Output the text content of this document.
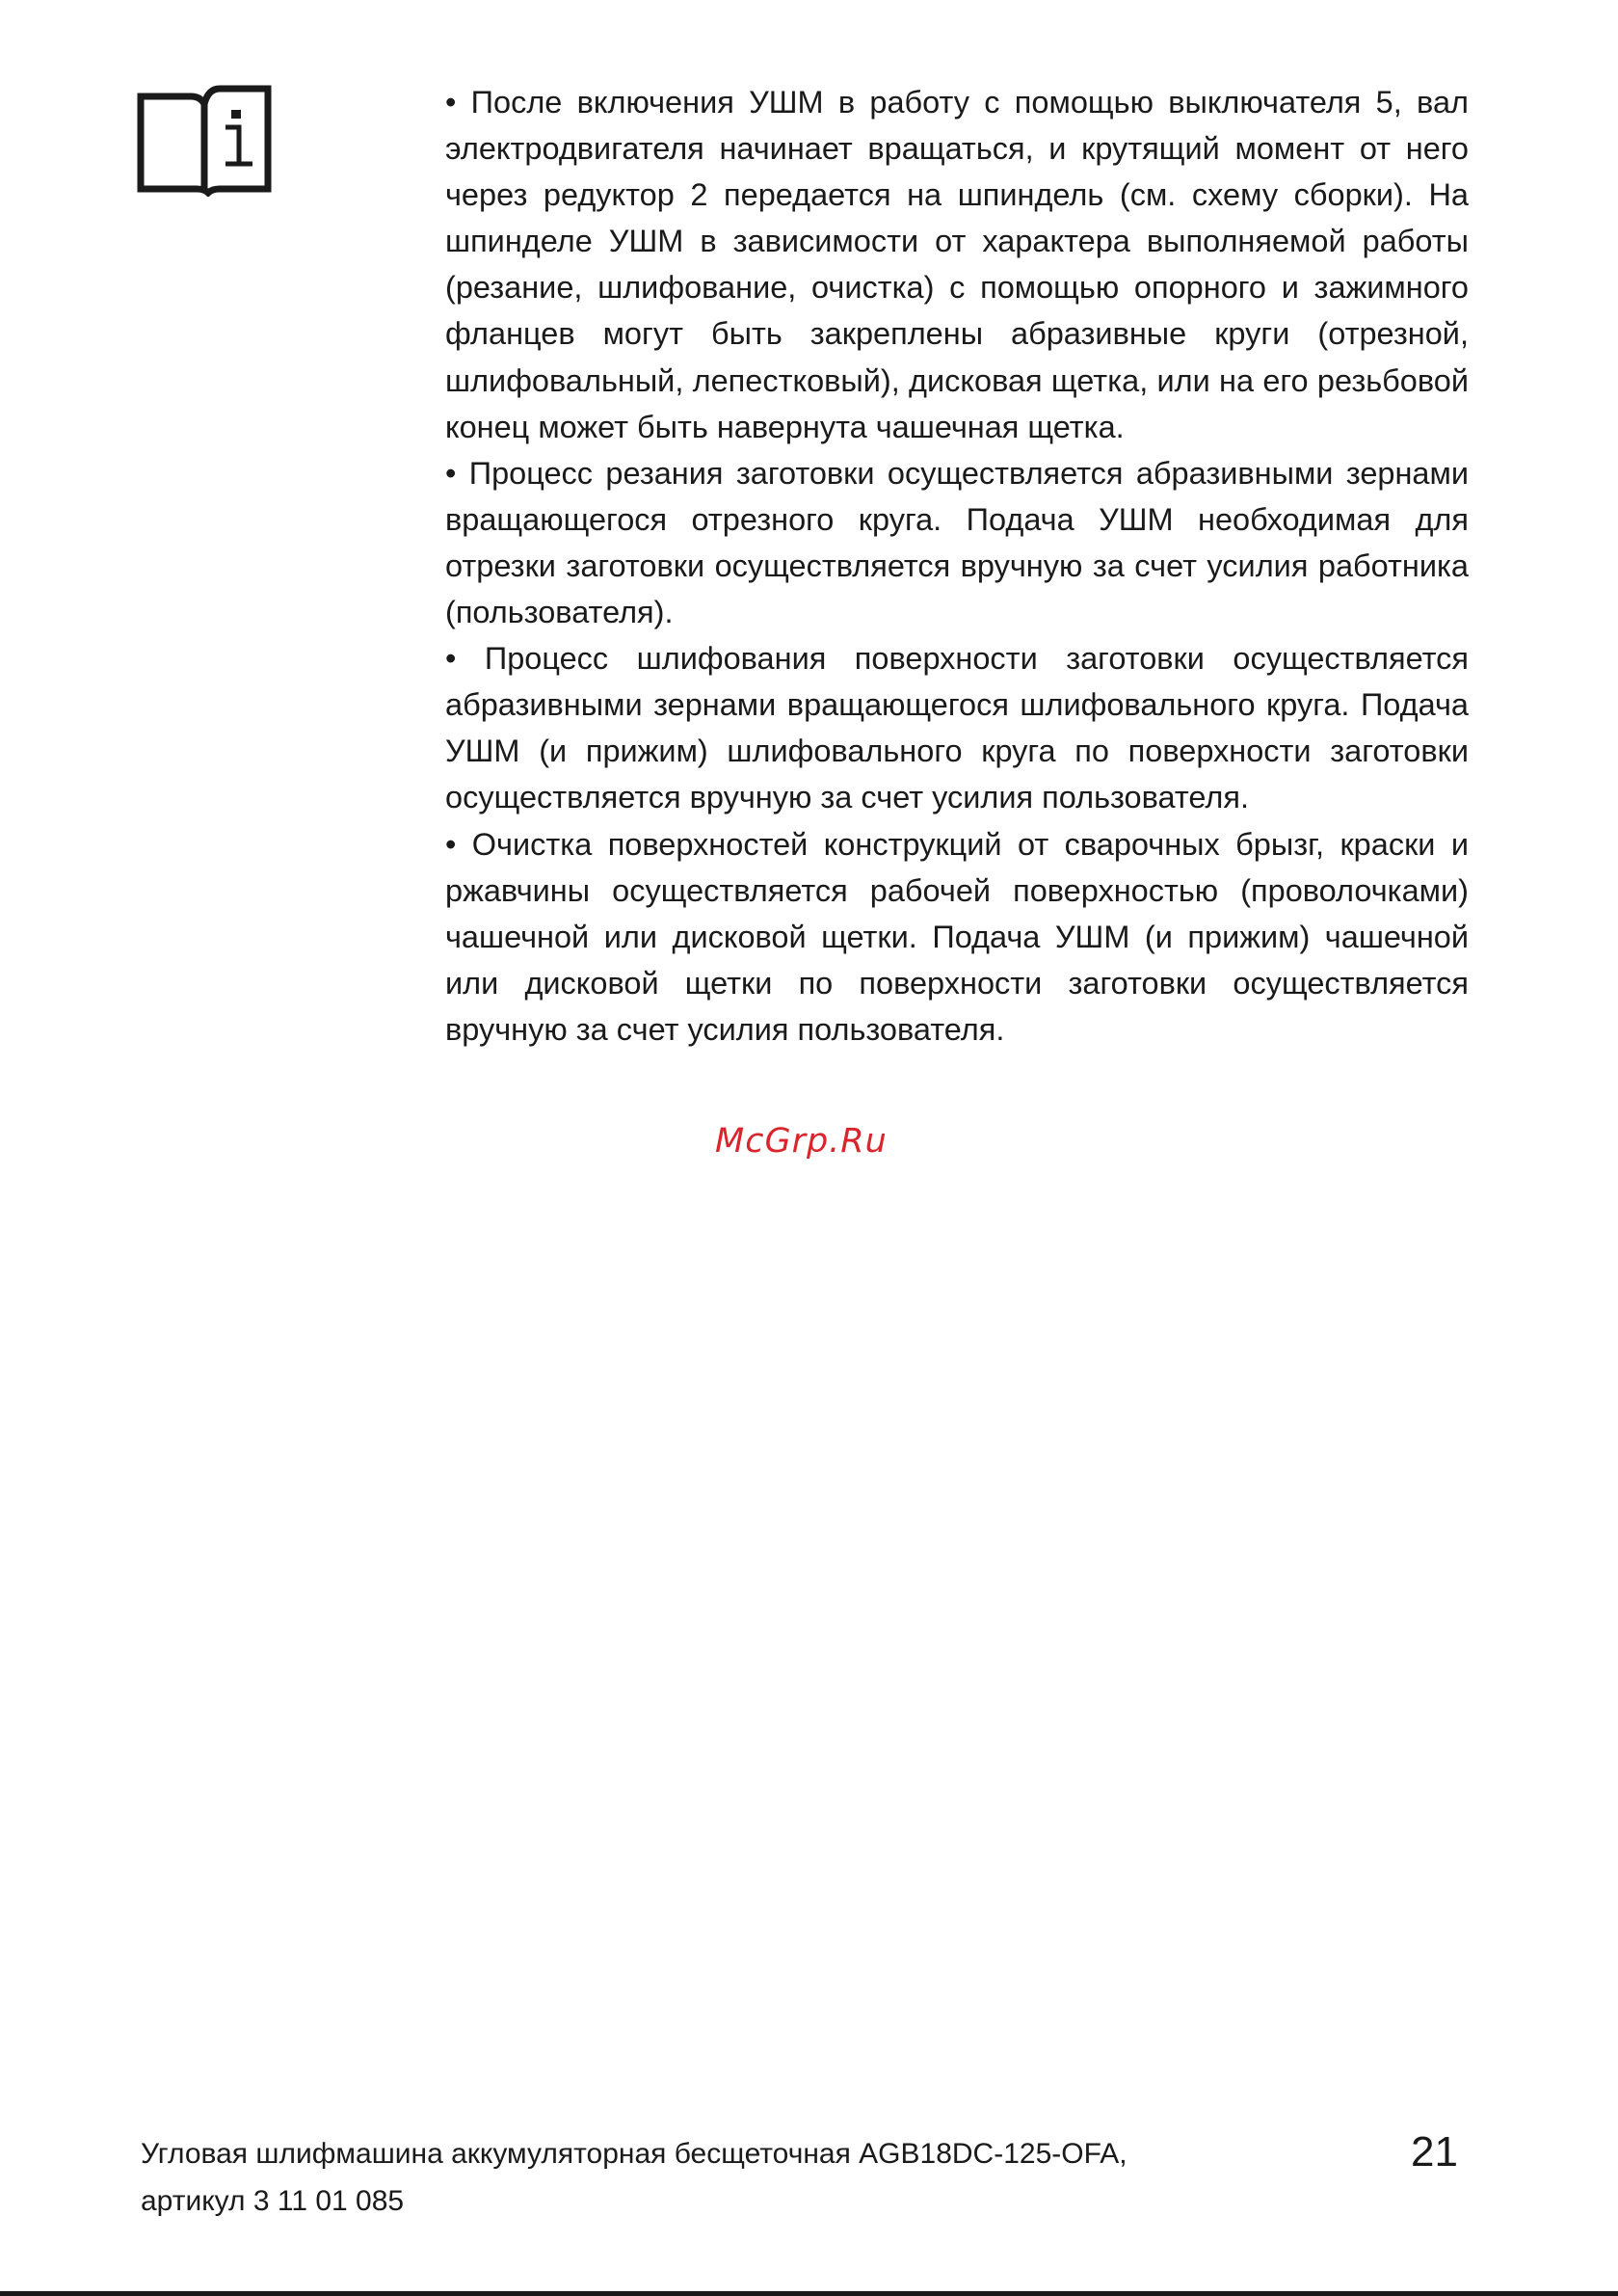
• После включения УШМ в работу с помощью выключателя 5, вал электродвигателя начинает вращаться, и крутящий момент от него через редуктор 2 передается на шпиндель (см. схему сборки). На шпинделе УШМ в зависимости от характера выполняемой работы (резание, шлифование, очистка) с помощью опорного и зажимного фланцев могут быть закреплены абразивные круги (отрезной, шлифовальный, лепестковый), дисковая щетка, или на его резьбовой конец может быть навернута чашечная щетка.

• Процесс резания заготовки осуществляется абразивными зернами вращающегося отрезного круга. Подача УШМ необходимая для отрезки заготовки осуществляется вручную за счет усилия работника (пользователя).

• Процесс шлифования поверхности заготовки осуществляется абразивными зернами вращающегося шлифовального круга. Подача УШМ (и прижим) шлифовального круга по поверхности заготовки осуществляется вручную за счет усилия пользователя.

• Очистка поверхностей конструкций от сварочных брызг, краски и ржавчины осуществляется рабочей поверхностью (проволочками) чашечной или дисковой щетки. Подача УШМ (и прижим) чашечной или дисковой щетки по поверхности заготовки осуществляется вручную за счет усилия пользователя.

McGrp.Ru
Угловая шлифмашина аккумуляторная бесщеточная AGB18DC-125-OFA,
артикул 3 11 01 085
21
